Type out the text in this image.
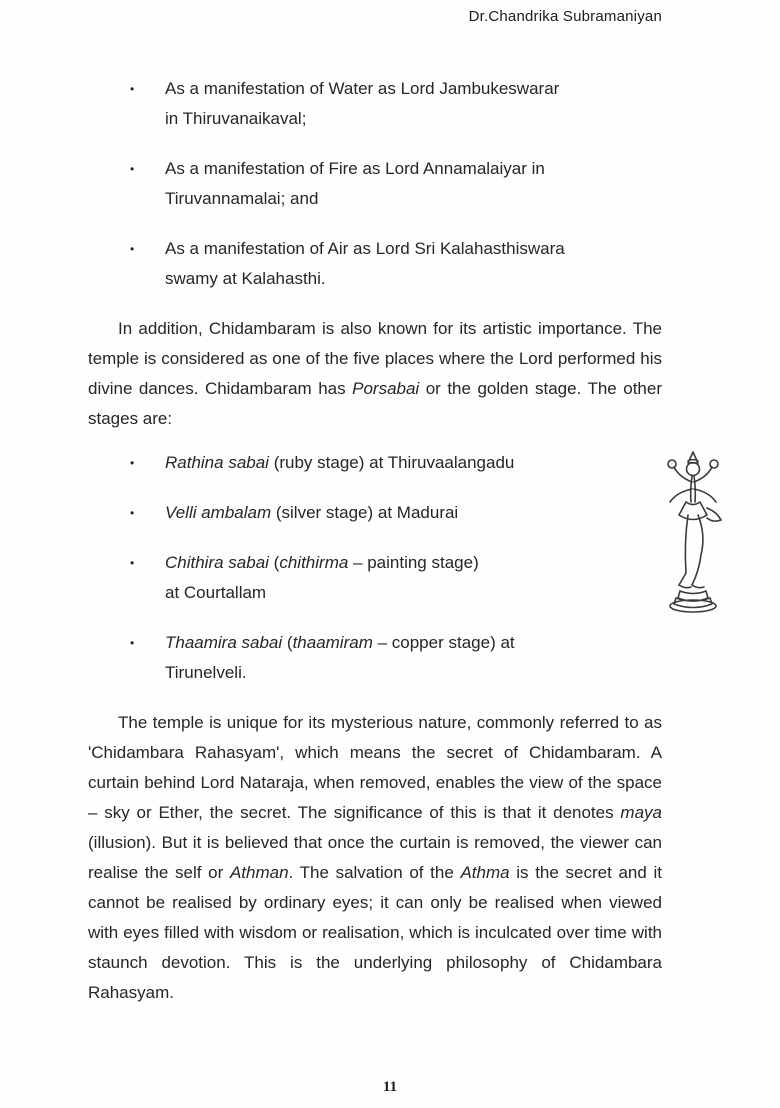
Dr.Chandrika Subramaniyan
•	As a manifestation of Water as Lord Jambukeswarar
in Thiruvanaikaval;
•	As a manifestation of Fire as Lord Annamalaiyar in
Tiruvannamalai; and
•	As a manifestation of Air as Lord Sri Kalahasthiswara
swamy at Kalahasthi.
In addition, Chidambaram is also known for its artistic importance. The temple is considered as one of the five places where the Lord performed his divine dances. Chidambaram has Porsabai or the golden stage. The other stages are:
•	Rathina sabai (ruby stage) at Thiruvaalangadu
•	Velli ambalam (silver stage) at Madurai
•	Chithira sabai (chithirma – painting stage)
at Courtallam
•	Thaamira sabai (thaamiram – copper stage) at
Tirunelveli.
The temple is unique for its mysterious nature, commonly referred to as 'Chidambara Rahasyam', which means the secret of Chidambaram. A curtain behind Lord Nataraja, when removed, enables the view of the space – sky or Ether, the secret. The significance of this is that it denotes maya (illusion). But it is believed that once the curtain is removed, the viewer can realise the self or Athman. The salvation of the Athma is the secret and it cannot be realised by ordinary eyes; it can only be realised when viewed with eyes filled with wisdom or realisation, which is inculcated over time with staunch devotion. This is the underlying philosophy of Chidambara Rahasyam.
11
